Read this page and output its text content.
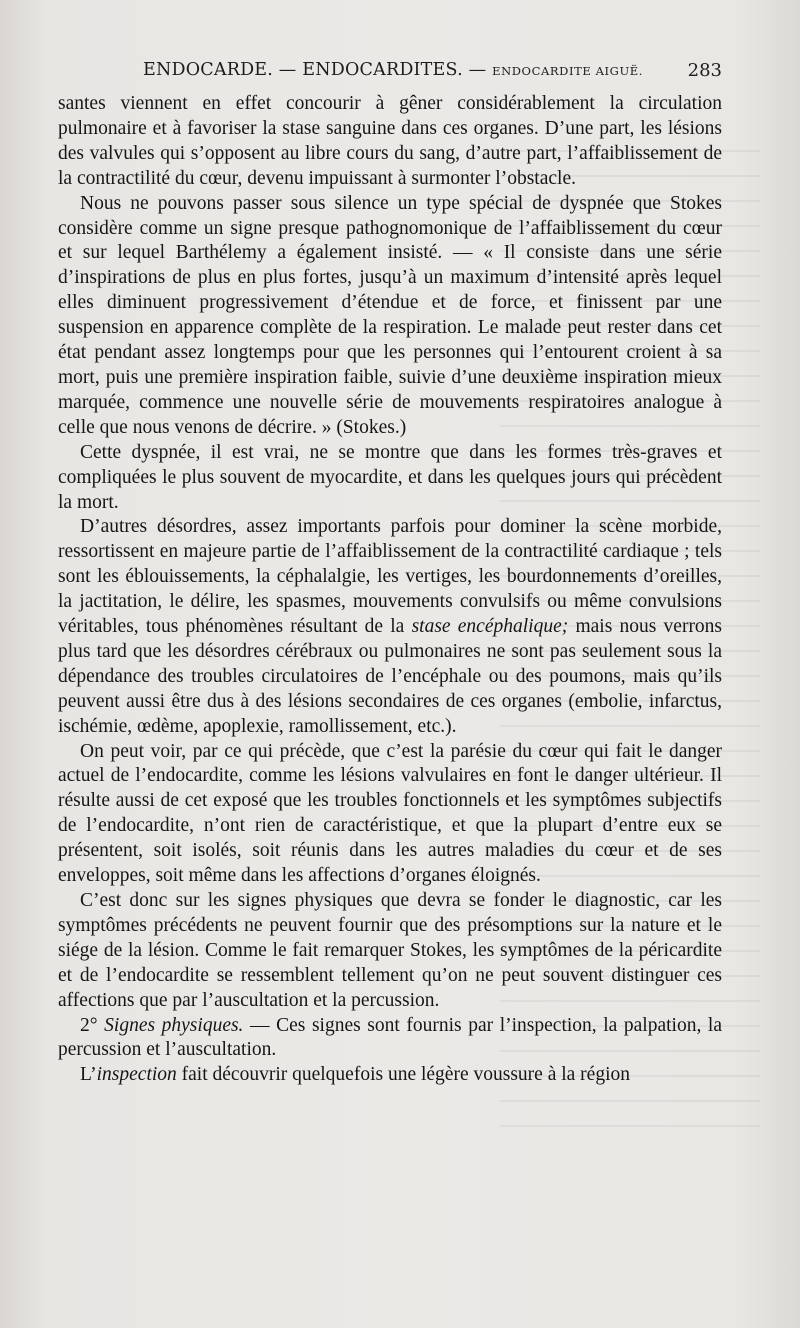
ENDOCARDE. — ENDOCARDITES. — ENDOCARDITE AIGUË. 283

santes viennent en effet concourir à gêner considérablement la circulation pulmonaire et à favoriser la stase sanguine dans ces organes. D’une part, les lésions des valvules qui s’opposent au libre cours du sang, d’autre part, l’affaiblissement de la contractilité du cœur, devenu impuissant à surmonter l’obstacle.

Nous ne pouvons passer sous silence un type spécial de dyspnée que Stokes considère comme un signe presque pathognomonique de l’affaiblissement du cœur et sur lequel Barthélemy a également insisté. — « Il consiste dans une série d’inspirations de plus en plus fortes, jusqu’à un maximum d’intensité après lequel elles diminuent progressivement d’étendue et de force, et finissent par une suspension en apparence complète de la respiration. Le malade peut rester dans cet état pendant assez longtemps pour que les personnes qui l’entourent croient à sa mort, puis une première inspiration faible, suivie d’une deuxième inspiration mieux marquée, commence une nouvelle série de mouvements respiratoires analogue à celle que nous venons de décrire. » (Stokes.)

Cette dyspnée, il est vrai, ne se montre que dans les formes très-graves et compliquées le plus souvent de myocardite, et dans les quelques jours qui précèdent la mort.

D’autres désordres, assez importants parfois pour dominer la scène morbide, ressortissent en majeure partie de l’affaiblissement de la contractilité cardiaque ; tels sont les éblouissements, la céphalalgie, les vertiges, les bourdonnements d’oreilles, la jactitation, le délire, les spasmes, mouvements convulsifs ou même convulsions véritables, tous phénomènes résultant de la stase encéphalique; mais nous verrons plus tard que les désordres cérébraux ou pulmonaires ne sont pas seulement sous la dépendance des troubles circulatoires de l’encéphale ou des poumons, mais qu’ils peuvent aussi être dus à des lésions secondaires de ces organes (embolie, infarctus, ischémie, œdème, apoplexie, ramollissement, etc.).

On peut voir, par ce qui précède, que c’est la parésie du cœur qui fait le danger actuel de l’endocardite, comme les lésions valvulaires en font le danger ultérieur. Il résulte aussi de cet exposé que les troubles fonctionnels et les symptômes subjectifs de l’endocardite, n’ont rien de caractéristique, et que la plupart d’entre eux se présentent, soit isolés, soit réunis dans les autres maladies du cœur et de ses enveloppes, soit même dans les affections d’organes éloignés.

C’est donc sur les signes physiques que devra se fonder le diagnostic, car les symptômes précédents ne peuvent fournir que des présomptions sur la nature et le siége de la lésion. Comme le fait remarquer Stokes, les symptômes de la péricardite et de l’endocardite se ressemblent tellement qu’on ne peut souvent distinguer ces affections que par l’auscultation et la percussion.

2° Signes physiques. — Ces signes sont fournis par l’inspection, la palpation, la percussion et l’auscultation.

L’inspection fait découvrir quelquefois une légère voussure à la région
